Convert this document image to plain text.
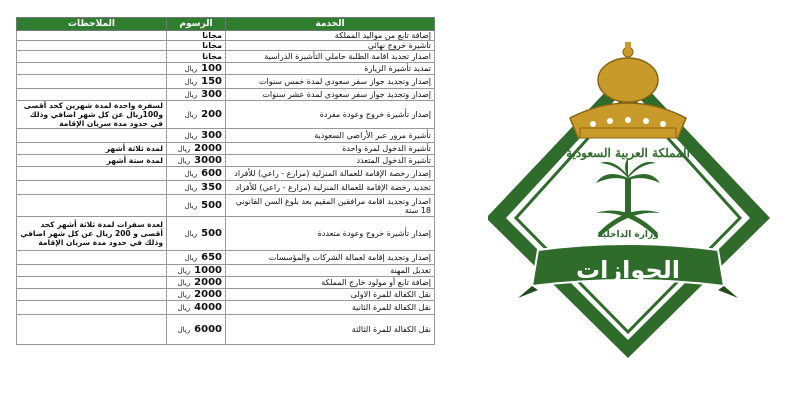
الخدمة	الرسوم	الملاحظات
إضافة تابع من مواليد المملكة	مجانا	
تأشيرة خروج نهائي	مجانا	
اصدار تجديد اقامة الطلبة حاملي التأشيرة الدراسية	مجانا	
تمديد تأشيرة الزيارة	100ريال	
إصدار وتجديد جواز سفر سعودي لمدة خمس سنوات	150ريال	
إصدار وتجديد جواز سفر سعودي لمدة عشر سنوات	300ريال	
إصدار تأشيرة خروج وعودة مفردة	200ريال	لسفرة واحدة لمدة شهرين كحد أقصى و100ريال عن كل شهر اضافي وذلك في حدود مدة سريان الإقامة
تأشيرة مرور عبر الأراضي السعودية	300ريال	
تأشيرة الدخول لمرة واحدة	2000ريال	لمدة ثلاثة أشهر
تأشيرة الدخول المتعدد	3000ريال	لمدة ستة أشهر
إصدار رخصة الإقامة للعمالة المنزلية (مزارع - راعي) للأفراد	600ريال	
تجديد رخصة الإقامة للعمالة المنزلية (مزارع - راعي) للأفراد	350ريال	
اصدار وتجديد اقامة مرافقين المقيم بعد بلوغ السن القانوني 18 سنة	500ريال	
إصدار تأشيرة خروج وعودة متعددة	500ريال	لعدة سفرات لمدة ثلاثة أشهر كحد أقصى و 200 ريال عن كل شهر اضافي وذلك في حدود مدة سريان الإقامة
إصدار وتجديد إقامة لعمالة الشركات والمؤسسات	650ريال	
تعديل المهنة	1000ريال	
إضافة تابع أو مولود خارج المملكة	2000ريال	
نقل الكفالة للمرة الاولى	2000ريال	
نقل الكفالة للمرة الثانية	4000ريال	
نقل الكفالة للمرة الثالثة	6000ريال	
المملكة العربية السعودية
وزارة الداخلية
الجوازات
